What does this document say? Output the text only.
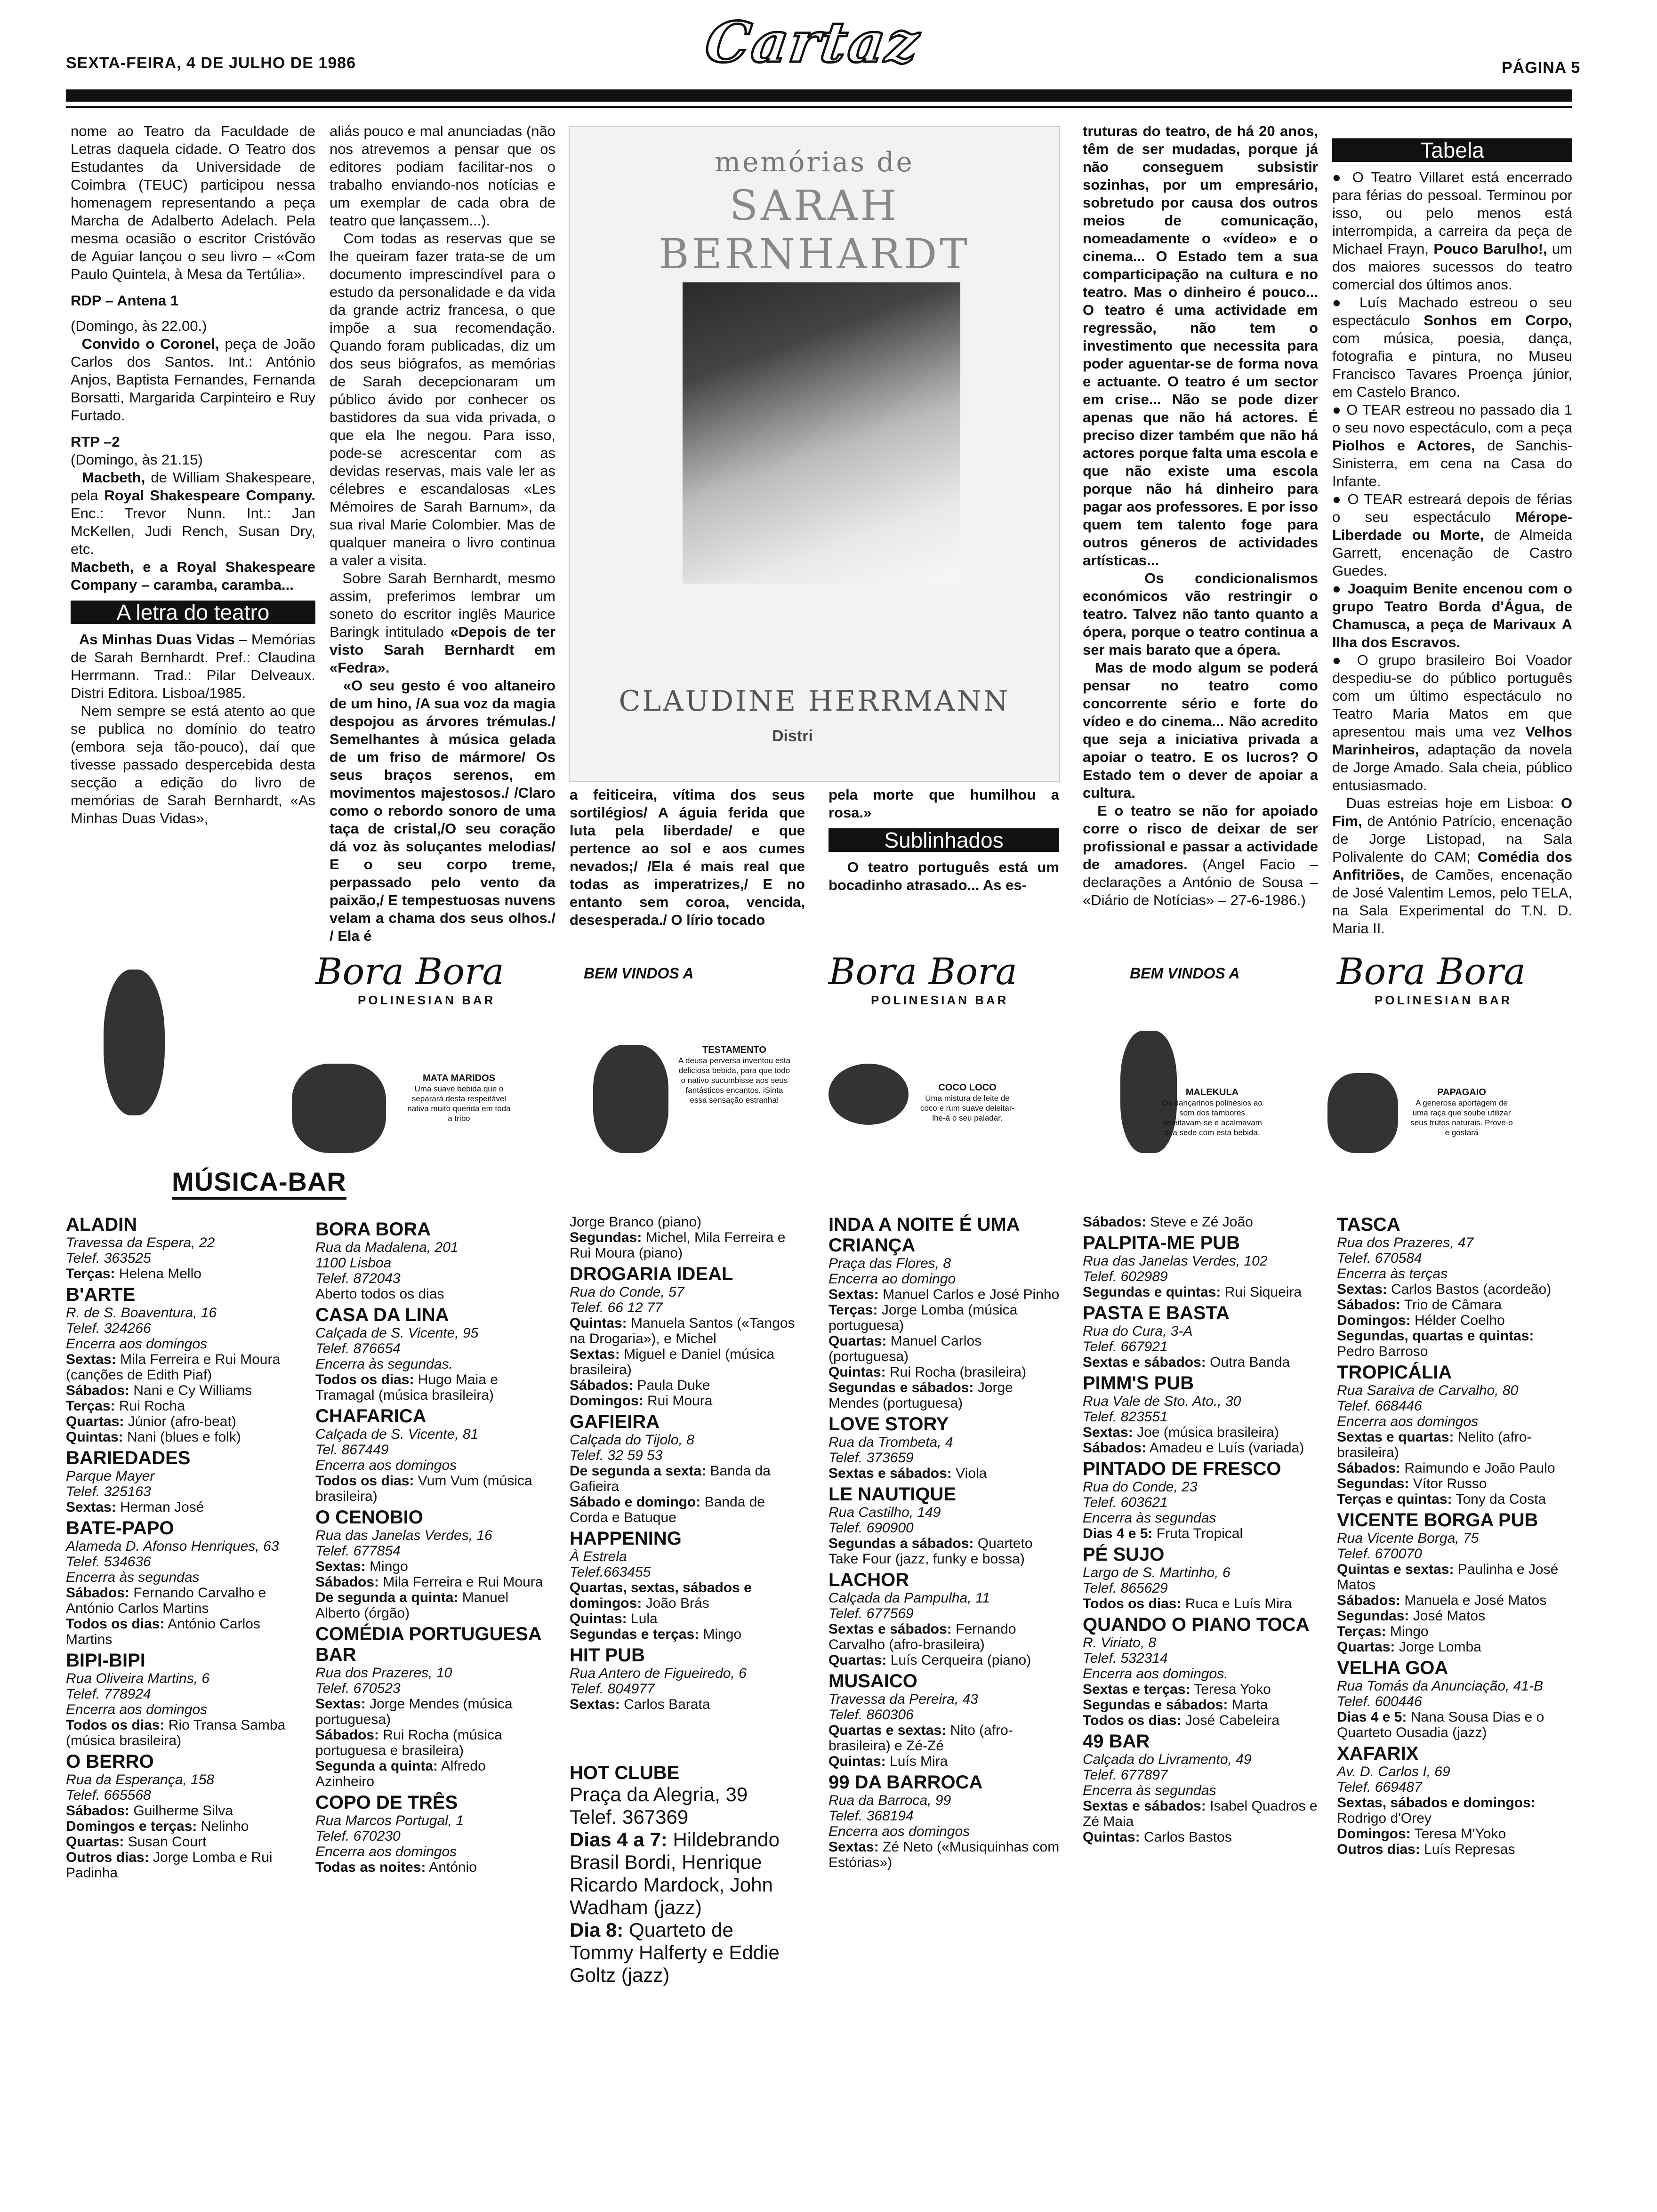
SEXTA-FEIRA, 4 DE JULHO DE 1986	Cartaz	PÁGINA 5

nome ao Teatro da Faculdade de Letras daquela cidade. O Teatro dos Estudantes da Universidade de Coimbra (TEUC) participou nessa homenagem representando a peça Marcha de Adalberto Adelach. Pela mesma ocasião o escritor Cristóvão de Aguiar lançou o seu livro – «Com Paulo Quintela, à Mesa da Tertúlia».

RDP – Antena 1

(Domingo, às 22.00.)

Convido o Coronel, peça de João Carlos dos Santos. Int.: António Anjos, Baptista Fernandes, Fernanda Borsatti, Margarida Carpinteiro e Ruy Furtado.

RTP –2

(Domingo, às 21.15)

Macbeth, de William Shakespeare, pela Royal Shakespeare Company. Enc.: Trevor Nunn. Int.: Jan McKellen, Judi Rench, Susan Dry, etc.

Macbeth, e a Royal Shakespeare Company – caramba, caramba...

A letra do teatro

As Minhas Duas Vidas – Memórias de Sarah Bernhardt. Pref.: Claudina Herrmann. Trad.: Pilar Delveaux. Distri Editora. Lisboa/1985.

Nem sempre se está atento ao que se publica no domínio do teatro (embora seja tão-pouco), daí que tivesse passado despercebida desta secção a edição do livro de memórias de Sarah Bernhardt, «As Minhas Duas Vidas»,

aliás pouco e mal anunciadas (não nos atrevemos a pensar que os editores podiam facilitar-nos o trabalho enviando-nos notícias e um exemplar de cada obra de teatro que lançassem...).

Com todas as reservas que se lhe queiram fazer trata-se de um documento imprescindível para o estudo da personalidade e da vida da grande actriz francesa, o que impõe a sua recomendação. Quando foram publicadas, diz um dos seus biógrafos, as memórias de Sarah decepcionaram um público ávido por conhecer os bastidores da sua vida privada, o que ela lhe negou. Para isso, pode-se acrescentar com as devidas reservas, mais vale ler as célebres e escandalosas «Les Mémoires de Sarah Barnum», da sua rival Marie Colombier. Mas de qualquer maneira o livro continua a valer a visita.

Sobre Sarah Bernhardt, mesmo assim, preferimos lembrar um soneto do escritor inglês Maurice Baringk intitulado «Depois de ter visto Sarah Bernhardt em «Fedra».

«O seu gesto é voo altaneiro de um hino, /A sua voz da magia despojou as árvores trémulas./ Semelhantes à música gelada de um friso de mármore/ Os seus braços serenos, em movimentos majestosos./ /Claro como o rebordo sonoro de uma taça de cristal,/O seu coração dá voz às soluçantes melodias/ E o seu corpo treme, perpassado pelo vento da paixão,/ E tempestuosas nuvens velam a chama dos seus olhos./ / Ela é

memórias de
SARAH BERNHARDT
CLAUDINE HERRMANN
Distri

a feiticeira, vítima dos seus sortilégios/ A águia ferida que luta pela liberdade/ e que pertence ao sol e aos cumes nevados;/ /Ela é mais real que todas as imperatrizes,/ E no entanto sem coroa, vencida, desesperada./ O lírio tocado

pela morte que humilhou a rosa.»

Sublinhados

O teatro português está um bocadinho atrasado... As es-

truturas do teatro, de há 20 anos, têm de ser mudadas, porque já não conseguem subsistir sozinhas, por um empresário, sobretudo por causa dos outros meios de comunicação, nomeadamente o «vídeo» e o cinema... O Estado tem a sua comparticipação na cultura e no teatro. Mas o dinheiro é pouco... O teatro é uma actividade em regressão, não tem o investimento que necessita para poder aguentar-se de forma nova e actuante. O teatro é um sector em crise... Não se pode dizer apenas que não há actores. É preciso dizer também que não há actores porque falta uma escola e que não existe uma escola porque não há dinheiro para pagar aos professores. E por isso quem tem talento foge para outros géneros de actividades artísticas...

Os condicionalismos económicos vão restringir o teatro. Talvez não tanto quanto a ópera, porque o teatro continua a ser mais barato que a ópera.

Mas de modo algum se poderá pensar no teatro como concorrente sério e forte do vídeo e do cinema... Não acredito que seja a iniciativa privada a apoiar o teatro. E os lucros? O Estado tem o dever de apoiar a cultura.

E o teatro se não for apoiado corre o risco de deixar de ser profissional e passar a actividade de amadores. (Angel Facio – declarações a António de Sousa – «Diário de Notícias» – 27-6-1986.)

Tabela

● O Teatro Villaret está encerrado para férias do pessoal. Terminou por isso, ou pelo menos está interrompida, a carreira da peça de Michael Frayn, Pouco Barulho!, um dos maiores sucessos do teatro comercial dos últimos anos.

● Luís Machado estreou o seu espectáculo Sonhos em Corpo, com música, poesia, dança, fotografia e pintura, no Museu Francisco Tavares Proença júnior, em Castelo Branco.

● O TEAR estreou no passado dia 1 o seu novo espectáculo, com a peça Piolhos e Actores, de Sanchis-Sinisterra, em cena na Casa do Infante.

● O TEAR estreará depois de férias o seu espectáculo Mérope-Liberdade ou Morte, de Almeida Garrett, encenação de Castro Guedes.

● Joaquim Benite encenou com o grupo Teatro Borda d'Água, de Chamusca, a peça de Marivaux A Ilha dos Escravos.

● O grupo brasileiro Boi Voador despediu-se do público português com um último espectáculo no Teatro Maria Matos em que apresentou mais uma vez Velhos Marinheiros, adaptação da novela de Jorge Amado. Sala cheia, público entusiasmado.

Duas estreias hoje em Lisboa: O Fim, de António Patrício, encenação de Jorge Listopad, na Sala Polivalente do CAM; Comédia dos Anfitriões, de Camões, encenação de José Valentim Lemos, pelo TELA, na Sala Experimental do T.N. D. Maria II.

Bora Bora
POLINESIAN BAR
BEM VINDOS A	Bora Bora
POLINESIAN BAR
BEM VINDOS A	Bora Bora
POLINESIAN BAR
MATA MARIDOS
Uma suave bebida que o separará desta respeitável nativa muito querida em toda a tribo
TESTAMENTO
A deusa perversa inventou esta deliciosa bebida, para que todo o nativo sucumbisse aos seus fantásticos encantos. iSinta essa sensação estranha!
COCO LOCO
Uma mistura de leite de coco e rum suave deleitar-lhe-á o seu paladar.
MALEKULA
Os dançarinos polinésios ao som dos tambores deleitavam-se e acalmavam sua sede com esta bebida.
PAPAGAIO
A generosa aportagem de uma raça que soube utilizar seus frutos naturais. Prove-o e gostará
MÚSICA-BAR
ALADIN
Travessa da Espera, 22
Telef. 363525
Terças: Helena Mello
B'ARTE
R. de S. Boaventura, 16
Telef. 324266
Encerra aos domingos
Sextas: Mila Ferreira e Rui Moura (canções de Edith Piaf)
Sábados: Nani e Cy Williams
Terças: Rui Rocha
Quartas: Júnior (afro-beat)
Quintas: Nani (blues e folk)
BARIEDADES
Parque Mayer
Telef. 325163
Sextas: Herman José
BATE-PAPO
Alameda D. Afonso Henriques, 63
Telef. 534636
Encerra às segundas
Sábados: Fernando Carvalho e António Carlos Martins
Todos os dias: António Carlos Martins
BIPI-BIPI
Rua Oliveira Martins, 6
Telef. 778924
Encerra aos domingos
Todos os dias: Rio Transa Samba (música brasileira)
O BERRO
Rua da Esperança, 158
Telef. 665568
Sábados: Guilherme Silva
Domingos e terças: Nelinho
Quartas: Susan Court
Outros dias: Jorge Lomba e Rui Padinha
BORA BORA
Rua da Madalena, 201
1100 Lisboa
Telef. 872043
Aberto todos os dias
CASA DA LINA
Calçada de S. Vicente, 95
Telef. 876654
Encerra às segundas.
Todos os dias: Hugo Maia e Tramagal (música brasileira)
CHAFARICA
Calçada de S. Vicente, 81
Tel. 867449
Encerra aos domingos
Todos os dias: Vum Vum (música brasileira)
O CENOBIO
Rua das Janelas Verdes, 16
Telef. 677854
Sextas: Mingo
Sábados: Mila Ferreira e Rui Moura
De segunda a quinta: Manuel Alberto (órgão)
COMÉDIA PORTUGUESA BAR
Rua dos Prazeres, 10
Telef. 670523
Sextas: Jorge Mendes (música portuguesa)
Sábados: Rui Rocha (música portuguesa e brasileira)
Segunda a quinta: Alfredo Azinheiro
COPO DE TRÊS
Rua Marcos Portugal, 1
Telef. 670230
Encerra aos domingos
Todas as noites: António
Jorge Branco (piano)
Segundas: Michel, Mila Ferreira e Rui Moura (piano)
DROGARIA IDEAL
Rua do Conde, 57
Telef. 66 12 77
Quintas: Manuela Santos («Tangos na Drogaria»), e Michel
Sextas: Miguel e Daniel (música brasileira)
Sábados: Paula Duke
Domingos: Rui Moura
GAFIEIRA
Calçada do Tijolo, 8
Telef. 32 59 53
De segunda a sexta: Banda da Gafieira
Sábado e domingo: Banda de Corda e Batuque
HAPPENING
À Estrela
Telef.663455
Quartas, sextas, sábados e domingos: João Brás
Quintas: Lula
Segundas e terças: Mingo
HIT PUB
Rua Antero de Figueiredo, 6
Telef. 804977
Sextas: Carlos Barata
HOT CLUBE
Praça da Alegria, 39
Telef. 367369
Dias 4 a 7: Hildebrando Brasil Bordi, Henrique Ricardo Mardock, John Wadham (jazz)
Dia 8: Quarteto de Tommy Halferty e Eddie Goltz (jazz)
INDA A NOITE É UMA CRIANÇA
Praça das Flores, 8
Encerra ao domingo
Sextas: Manuel Carlos e José Pinho
Terças: Jorge Lomba (música portuguesa)
Quartas: Manuel Carlos (portuguesa)
Quintas: Rui Rocha (brasileira)
Segundas e sábados: Jorge Mendes (portuguesa)
LOVE STORY
Rua da Trombeta, 4
Telef. 373659
Sextas e sábados: Viola
LE NAUTIQUE
Rua Castilho, 149
Telef. 690900
Segundas a sábados: Quarteto Take Four (jazz, funky e bossa)
LACHOR
Calçada da Pampulha, 11
Telef. 677569
Sextas e sábados: Fernando Carvalho (afro-brasileira)
Quartas: Luís Cerqueira (piano)
MUSAICO
Travessa da Pereira, 43
Telef. 860306
Quartas e sextas: Nito (afro-brasileira) e Zé-Zé
Quintas: Luís Mira
99 DA BARROCA
Rua da Barroca, 99
Telef. 368194
Encerra aos domingos
Sextas: Zé Neto («Musiquinhas com Estórias»)
Sábados: Steve e Zé João
PALPITA-ME PUB
Rua das Janelas Verdes, 102
Telef. 602989
Segundas e quintas: Rui Siqueira
PASTA E BASTA
Rua do Cura, 3-A
Telef. 667921
Sextas e sábados: Outra Banda
PIMM'S PUB
Rua Vale de Sto. Ato., 30
Telef. 823551
Sextas: Joe (música brasileira)
Sábados: Amadeu e Luís (variada)
PINTADO DE FRESCO
Rua do Conde, 23
Telef. 603621
Encerra às segundas
Dias 4 e 5: Fruta Tropical
PÉ SUJO
Largo de S. Martinho, 6
Telef. 865629
Todos os dias: Ruca e Luís Mira
QUANDO O PIANO TOCA
R. Viriato, 8
Telef. 532314
Encerra aos domingos.
Sextas e terças: Teresa Yoko
Segundas e sábados: Marta
Todos os dias: José Cabeleira
49 BAR
Calçada do Livramento, 49
Telef. 677897
Encerra às segundas
Sextas e sábados: Isabel Quadros e Zé Maia
Quintas: Carlos Bastos
TASCA
Rua dos Prazeres, 47
Telef. 670584
Encerra às terças
Sextas: Carlos Bastos (acordeão)
Sábados: Trio de Câmara
Domingos: Hélder Coelho
Segundas, quartas e quintas: Pedro Barroso
TROPICÁLIA
Rua Saraiva de Carvalho, 80
Telef. 668446
Encerra aos domingos
Sextas e quartas: Nelito (afro-brasileira)
Sábados: Raimundo e João Paulo
Segundas: Vítor Russo
Terças e quintas: Tony da Costa
VICENTE BORGA PUB
Rua Vicente Borga, 75
Telef. 670070
Quintas e sextas: Paulinha e José Matos
Sábados: Manuela e José Matos
Segundas: José Matos
Terças: Mingo
Quartas: Jorge Lomba
VELHA GOA
Rua Tomás da Anunciação, 41-B
Telef. 600446
Dias 4 e 5: Nana Sousa Dias e o Quarteto Ousadia (jazz)
XAFARIX
Av. D. Carlos I, 69
Telef. 669487
Sextas, sábados e domingos: Rodrigo d'Orey
Domingos: Teresa M'Yoko
Outros dias: Luís Represas
